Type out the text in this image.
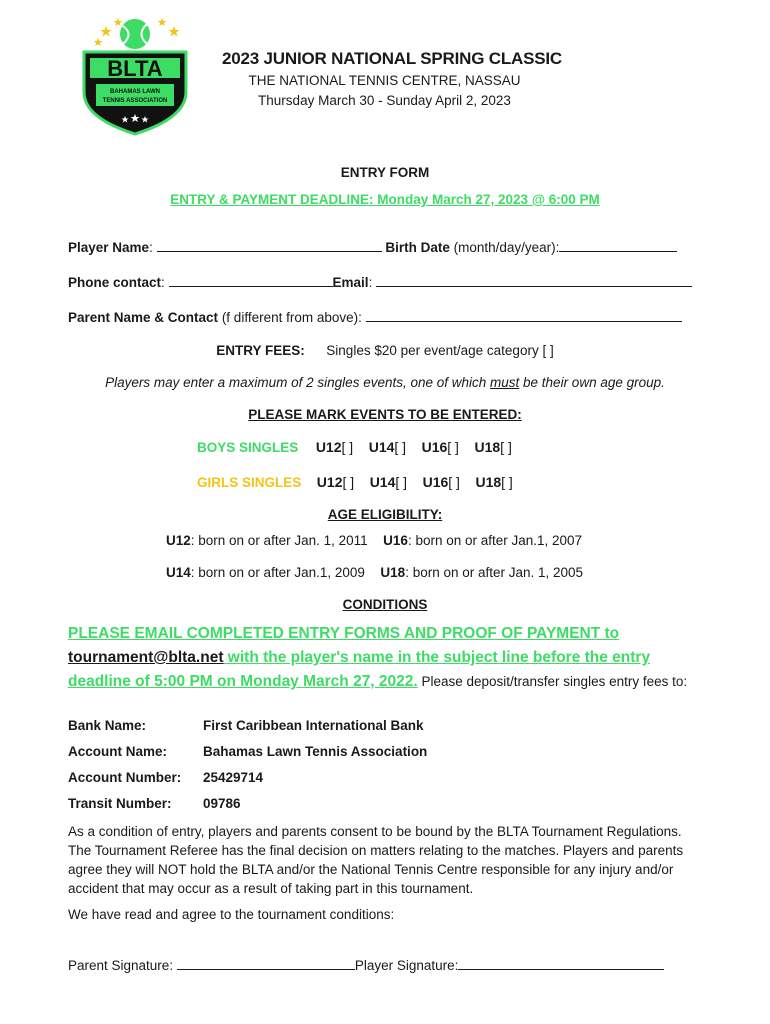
BLTA
BAHAMAS LAWN
TENNIS ASSOCIATION
2023 JUNIOR NATIONAL SPRING CLASSIC
THE NATIONAL TENNIS CENTRE, NASSAU
Thursday March 30 - Sunday April 2, 2023
ENTRY FORM
ENTRY & PAYMENT DEADLINE: Monday March 27, 2023 @ 6:00 PM
Player Name:	Birth Date (month/day/year):
Phone contact:	Email:
Parent Name & Contact (f different from above):
ENTRY FEES: Singles $20 per event/age category [ ]
Players may enter a maximum of 2 singles events, one of which must be their own age group.
PLEASE MARK EVENTS TO BE ENTERED:
BOYS SINGLES U12[ ] U14[ ] U16[ ] U18[ ]
GIRLS SINGLES U12[ ] U14[ ] U16[ ] U18[ ]
AGE ELIGIBILITY:
U12: born on or after Jan. 1, 2011 U16: born on or after Jan.1, 2007
U14: born on or after Jan.1, 2009 U18: born on or after Jan. 1, 2005
CONDITIONS
PLEASE EMAIL COMPLETED ENTRY FORMS AND PROOF OF PAYMENT to tournament@blta.net with the player's name in the subject line before the entry deadline of 5:00 PM on Monday March 27, 2022. Please deposit/transfer singles entry fees to:
Bank Name:	First Caribbean International Bank
Account Name:	Bahamas Lawn Tennis Association
Account Number: 25429714
Transit Number: 09786
As a condition of entry, players and parents consent to be bound by the BLTA Tournament Regulations. The Tournament Referee has the final decision on matters relating to the matches. Players and parents agree they will NOT hold the BLTA and/or the National Tennis Centre responsible for any injury and/or accident that may occur as a result of taking part in this tournament.
We have read and agree to the tournament conditions:
Parent Signature:	Player Signature:
